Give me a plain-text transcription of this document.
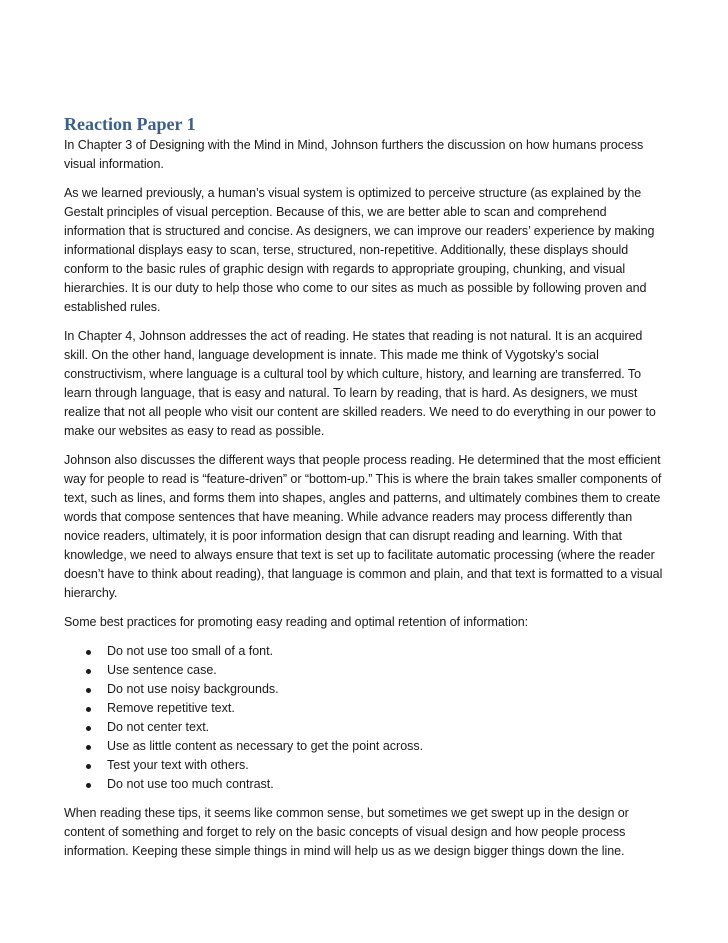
Reaction Paper 1

In Chapter 3 of Designing with the Mind in Mind, Johnson furthers the discussion on how humans process visual information.

As we learned previously, a human’s visual system is optimized to perceive structure (as explained by the Gestalt principles of visual perception. Because of this, we are better able to scan and comprehend information that is structured and concise. As designers, we can improve our readers’ experience by making informational displays easy to scan, terse, structured, non-repetitive. Additionally, these displays should conform to the basic rules of graphic design with regards to appropriate grouping, chunking, and visual hierarchies. It is our duty to help those who come to our sites as much as possible by following proven and established rules.

In Chapter 4, Johnson addresses the act of reading. He states that reading is not natural. It is an acquired skill. On the other hand, language development is innate. This made me think of Vygotsky’s social constructivism, where language is a cultural tool by which culture, history, and learning are transferred. To learn through language, that is easy and natural. To learn by reading, that is hard. As designers, we must realize that not all people who visit our content are skilled readers. We need to do everything in our power to make our websites as easy to read as possible.

Johnson also discusses the different ways that people process reading. He determined that the most efficient way for people to read is “feature-driven” or “bottom-up.” This is where the brain takes smaller components of text, such as lines, and forms them into shapes, angles and patterns, and ultimately combines them to create words that compose sentences that have meaning. While advance readers may process differently than novice readers, ultimately, it is poor information design that can disrupt reading and learning. With that knowledge, we need to always ensure that text is set up to facilitate automatic processing (where the reader doesn’t have to think about reading), that language is common and plain, and that text is formatted to a visual hierarchy.

Some best practices for promoting easy reading and optimal retention of information:

Do not use too small of a font.
Use sentence case.
Do not use noisy backgrounds.
Remove repetitive text.
Do not center text.
Use as little content as necessary to get the point across.
Test your text with others.
Do not use too much contrast.

When reading these tips, it seems like common sense, but sometimes we get swept up in the design or content of something and forget to rely on the basic concepts of visual design and how people process information. Keeping these simple things in mind will help us as we design bigger things down the line.
